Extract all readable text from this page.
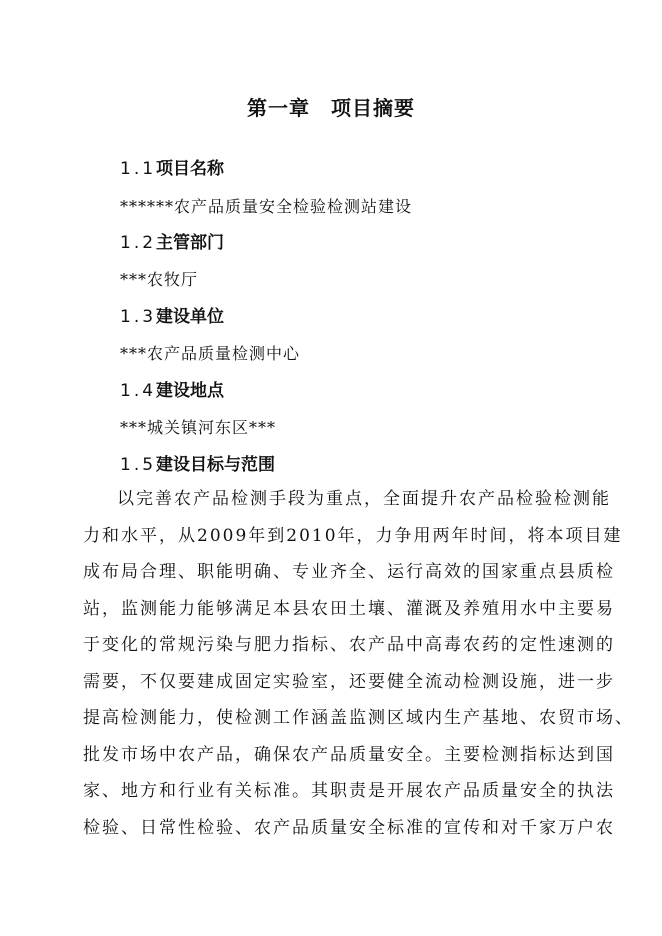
第一章　项目摘要
1.1项目名称
******农产品质量安全检验检测站建设
1.2主管部门
***农牧厅
1.3建设单位
***农产品质量检测中心
1.4建设地点
***城关镇河东区***
1.5建设目标与范围
以完善农产品检测手段为重点，全面提升农产品检验检测能
力和水平，从2009年到2010年，力争用两年时间，将本项目建
成布局合理、职能明确、专业齐全、运行高效的国家重点县质检
站，监测能力能够满足本县农田土壤、灌溉及养殖用水中主要易
于变化的常规污染与肥力指标、农产品中高毒农药的定性速测的
需要，不仅要建成固定实验室，还要健全流动检测设施，进一步
提高检测能力，使检测工作涵盖监测区域内生产基地、农贸市场、
批发市场中农产品，确保农产品质量安全。主要检测指标达到国
家、地方和行业有关标准。其职责是开展农产品质量安全的执法
检验、日常性检验、农产品质量安全标准的宣传和对千家万户农
